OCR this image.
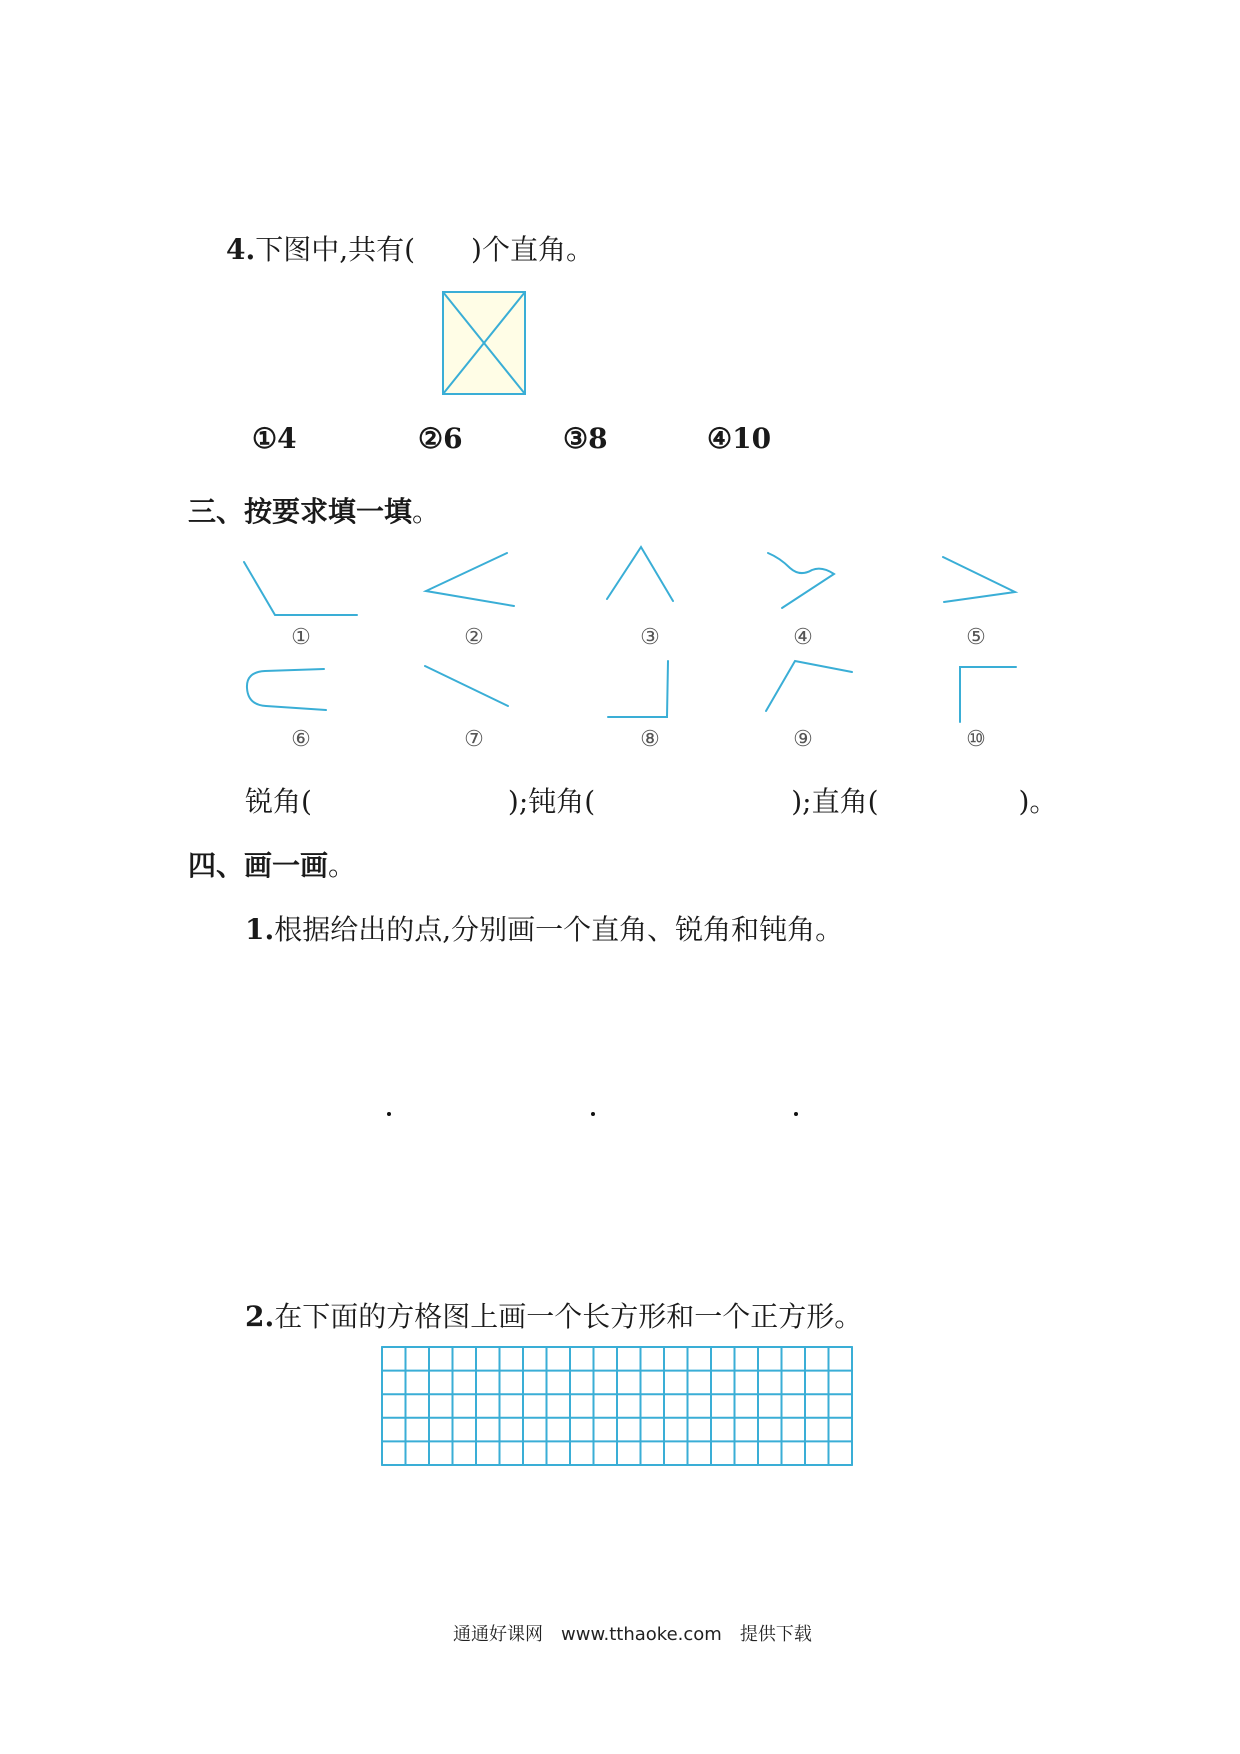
4.下图中,共有(　　)个直角。
①4	②6	③8	④10
三、按要求填一填。
①	②	③	④	⑤
⑥	⑦	⑧	⑨	⑩
锐角(　　　　　　　);钝角(　　　　　　　);直角(　　　　　)。
四、画一画。
1.根据给出的点,分别画一个直角、锐角和钝角。
2.在下面的方格图上画一个长方形和一个正方形。
通通好课网　www.tthaoke.com　提供下载
